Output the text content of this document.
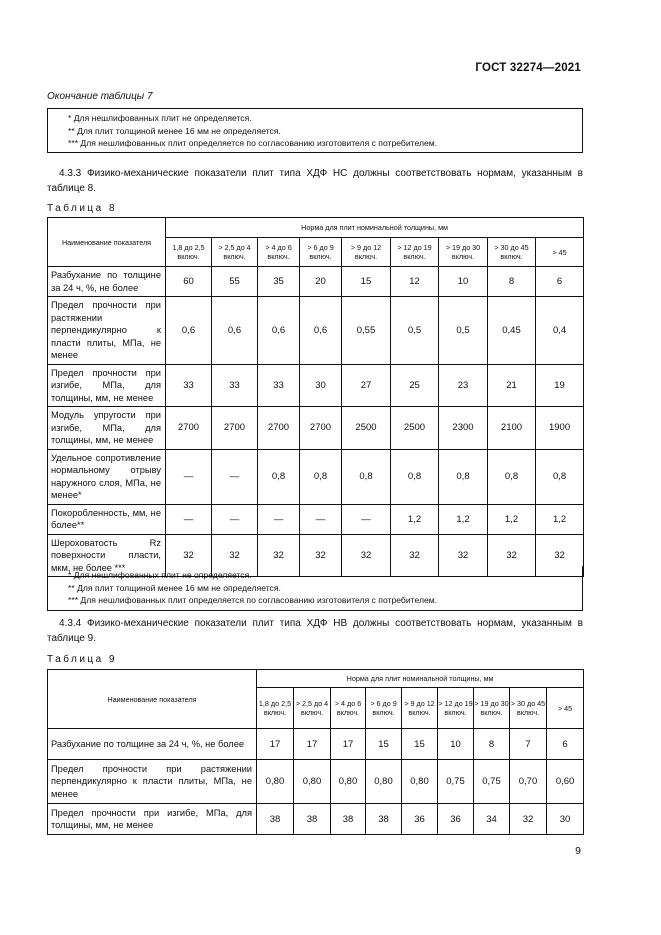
ГОСТ 32274—2021
Окончание таблицы 7
* Для нешлифованных плит не определяется.
** Для плит толщиной менее 16 мм не определяется.
*** Для нешлифованных плит определяется по согласованию изготовителя с потребителем.
4.3.3 Физико-механические показатели плит типа ХДФ НС должны соответствовать нормам, указанным в таблице 8.
Таблица 8
Наименование показателя	Норма для плит номинальной толщины, мм								
	1,8 до 2,5 включ.	> 2,5 до 4 включ.	> 4 до 6 включ.	> 6 до 9 включ.	> 9 до 12 включ.	> 12 до 19 включ.	> 19 до 30 включ.	> 30 до 45 включ.	> 45
Разбухание по толщине за 24 ч, %, не более	60	55	35	20	15	12	10	8	6
Предел прочности при растяжении перпендикулярно к пласти плиты, МПа, не менее	0,6	0,6	0,6	0,6	0,55	0,5	0,5	0,45	0,4
Предел прочности при изгибе, МПа, для толщины, мм, не менее	33	33	33	30	27	25	23	21	19
Модуль упругости при изгибе, МПа, для толщины, мм, не менее	2700	2700	2700	2700	2500	2500	2300	2100	1900
Удельное сопротивление нормальному отрыву наружного слоя, МПа, не менее*	—	—	0,8	0,8	0,8	0,8	0,8	0,8	0,8
Покоробленность, мм, не более**	—	—	—	—	—	1,2	1,2	1,2	1,2
Шероховатость Rz поверхности пласти, мкм, не более ***	32	32	32	32	32	32	32	32	32
* Для нешлифованных плит не определяется.
** Для плит толщиной менее 16 мм не определяется.
*** Для нешлифованных плит определяется по согласованию изготовителя с потребителем.
4.3.4 Физико-механические показатели плит типа ХДФ НВ должны соответствовать нормам, указанным в таблице 9.
Таблица 9
Наименование показателя	Норма для плит номинальной толщины, мм								
	1,8 до 2,5 включ.	> 2,5 до 4 включ.	> 4 до 6 включ.	> 6 до 9 включ.	> 9 до 12 включ.	> 12 до 19 включ.	> 19 до 30 включ.	> 30 до 45 включ.	> 45
Разбухание по толщине за 24 ч, %, не более	17	17	17	15	15	10	8	7	6
Предел прочности при растяжении перпендикулярно к пласти плиты, МПа, не менее	0,80	0,80	0,80	0,80	0,80	0,75	0,75	0,70	0,60
Предел прочности при изгибе, МПа, для толщины, мм, не менее	38	38	38	38	36	36	34	32	30
9
